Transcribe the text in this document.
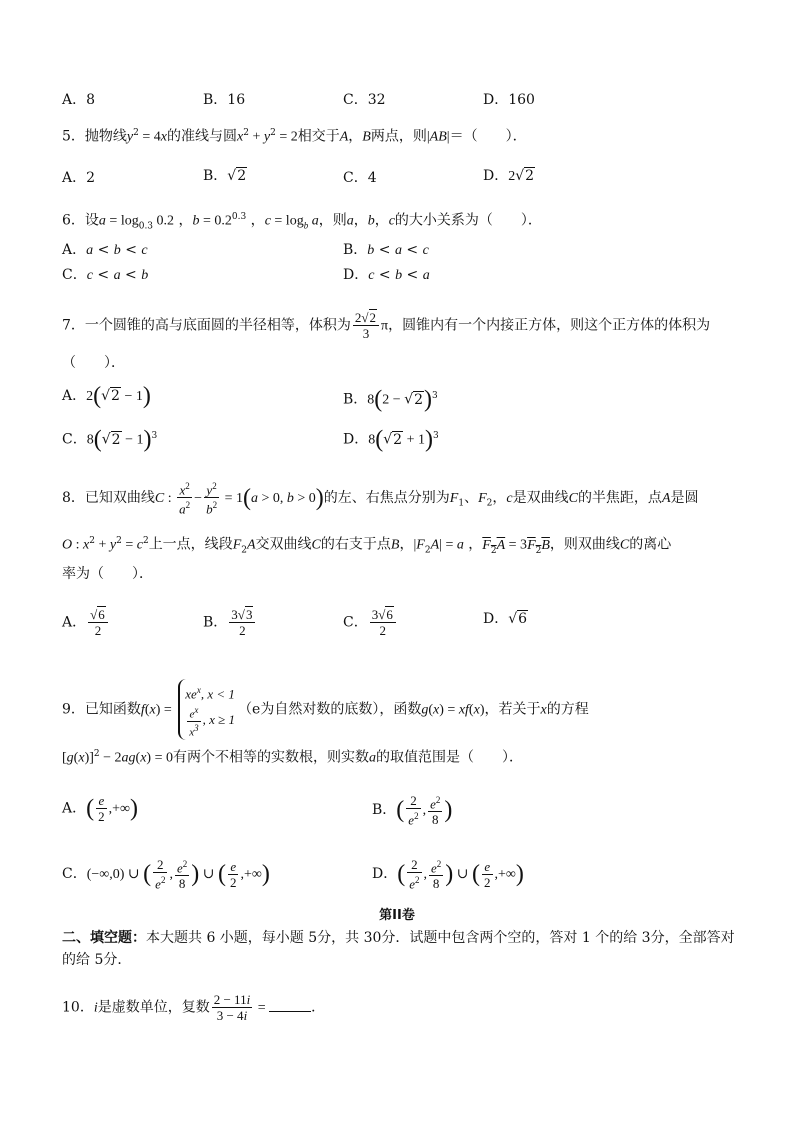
A．8	B．16	C．32	D．160
5．抛物线$y^2 = 4x$的准线与圆$x^2 + y^2 = 2$相交于A，B两点，则|AB|＝（　　）．
A．2	B．√2	C．4	D．2√2
6．设$a = \log_{0.3} 0.2$ ，$b = 0.2^{0.3}$ ，$c = \log_b a$，则a，b，c的大小关系为（　　）．
A．a < b < c	B．b < a < c
C．c < a < b	D．c < b < a
7．一个圆锥的高与底面圆的半径相等，体积为 $\frac{2√2}{3}$ π，圆锥内有一个内接正方体，则这个正方体的体积为
（　　）．
A．2(√2 − 1)	B．$8(2 - √2)^3$
C．$8(√2 - 1)^3$	D．$8(√2 + 1)^3$
8．已知双曲线C : $\frac{x^2}{a^2} - \frac{y^2}{b^2} = 1(a > 0$, b > 0)的左、右焦点分别为$F_1$、$F_2$，c是双曲线C的半焦距，点A是圆
O : $x^2 + y^2 = c^2$上一点，线段$F_2A$交双曲线C的右支于点B，$|F_2A| = a$ ，$F_2A = 3F_2B$，则双曲线C的离心
率为（　　）．
A． $\frac{√6}{2}$	B． $\frac{3√3}{2}$	C． $\frac{3√6}{2}$	D．√6
9．已知函数f(x) =
$xe^x$, x < 1
$\frac{e^x}{x^3}$ , x ≥ 1
（e为自然对数的底数），函数g(x) = xf(x)，若关于x的方程
$[g(x)]^2 - 2ag(x) = 0$有两个不相等的实数根，则实数a的取值范围是（　　）．
A．( $\frac{e}{2}$ ,+∞)	B．( $\frac{2}{e^2}$ , $\frac{e^2}{8}$ )
C．(−∞,0) ∪ ( $\frac{2}{e^2}$ , $\frac{e^2}{8}$ ) ∪ ( $\frac{e}{2}$ ,+∞)	D．( $\frac{2}{e^2}$ , $\frac{e^2}{8}$ ) ∪ ( $\frac{e}{2}$ ,+∞)
第II卷
二、填空题：本大题共 6 小题，每小题 5分，共 30分．试题中包含两个空的，答对 1 个的给 3分，全部答对
的给 5分．
10．i是虚数单位，复数 $\frac{2 - 11i}{3 - 4i}$ =	．
